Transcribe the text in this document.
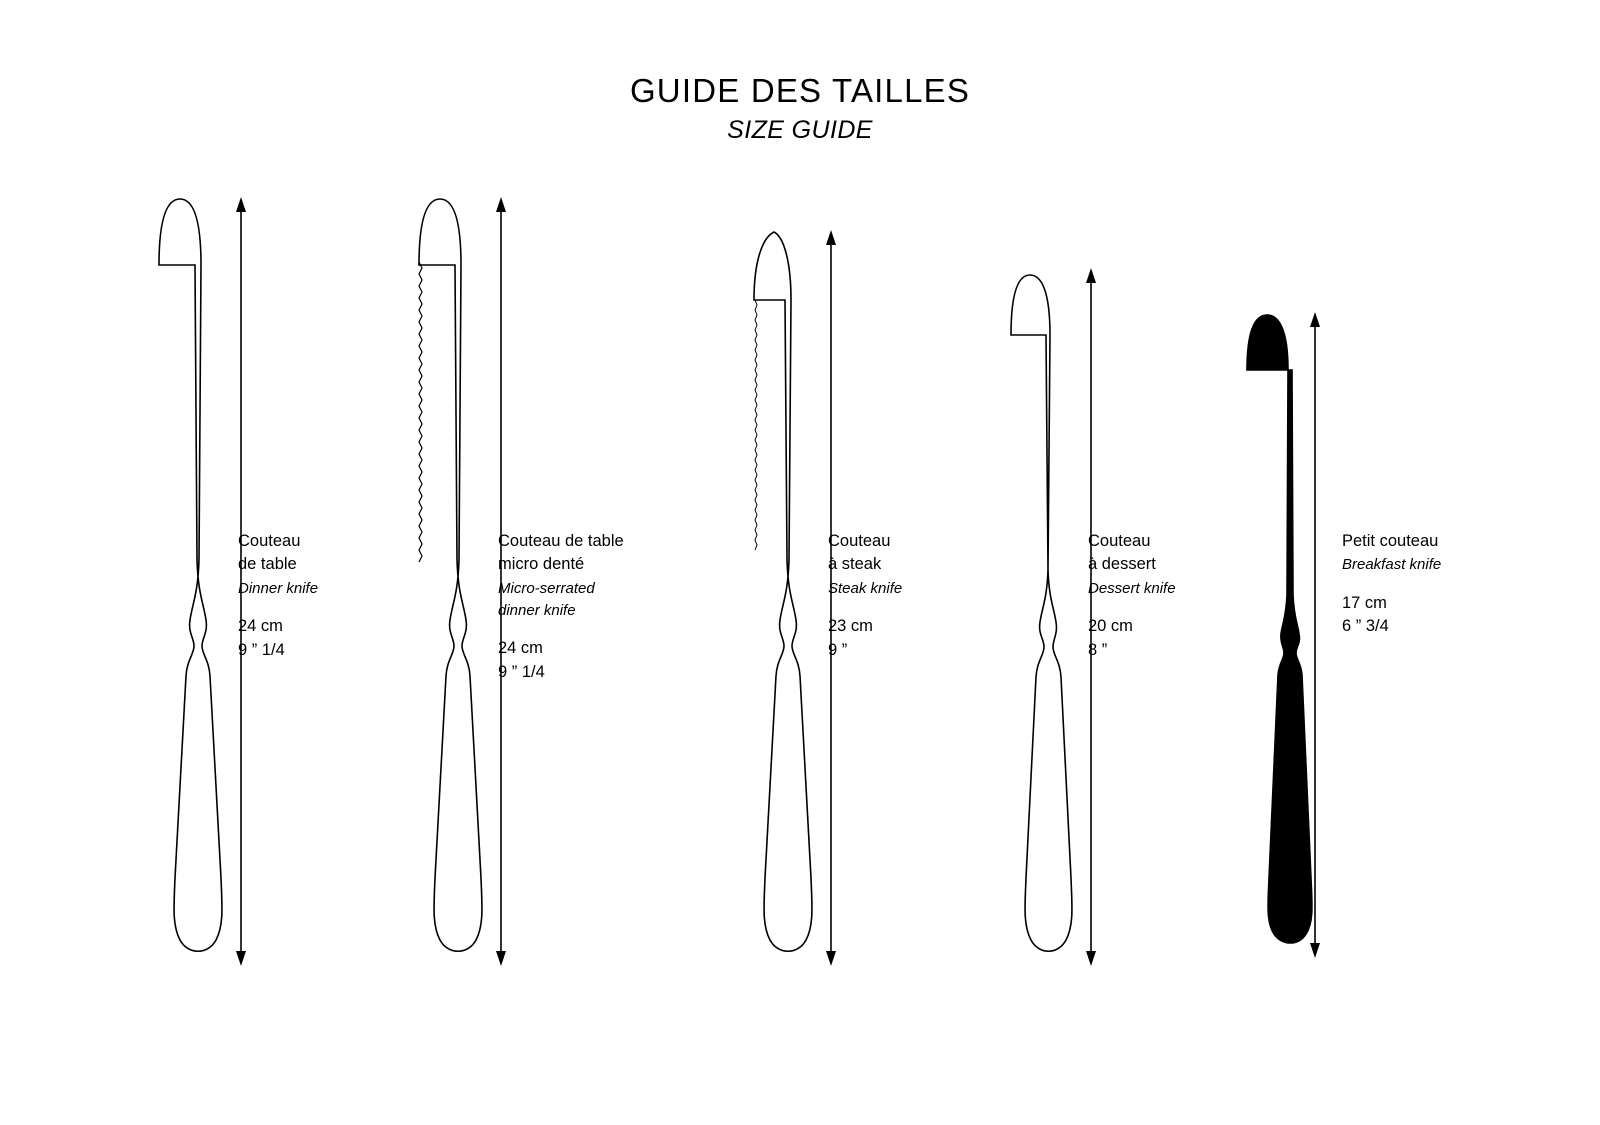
GUIDE DES TAILLES
SIZE GUIDE
Couteau
de table
Dinner knife
24 cm
9 ” 1/4
Couteau de table
micro denté
Micro-serrated
dinner knife
24 cm
9 ” 1/4
Couteau
à steak
Steak knife
23 cm
9 ”
Couteau
à dessert
Dessert knife
20 cm
8 ”
Petit couteau
Breakfast knife
17 cm
6 ” 3/4
